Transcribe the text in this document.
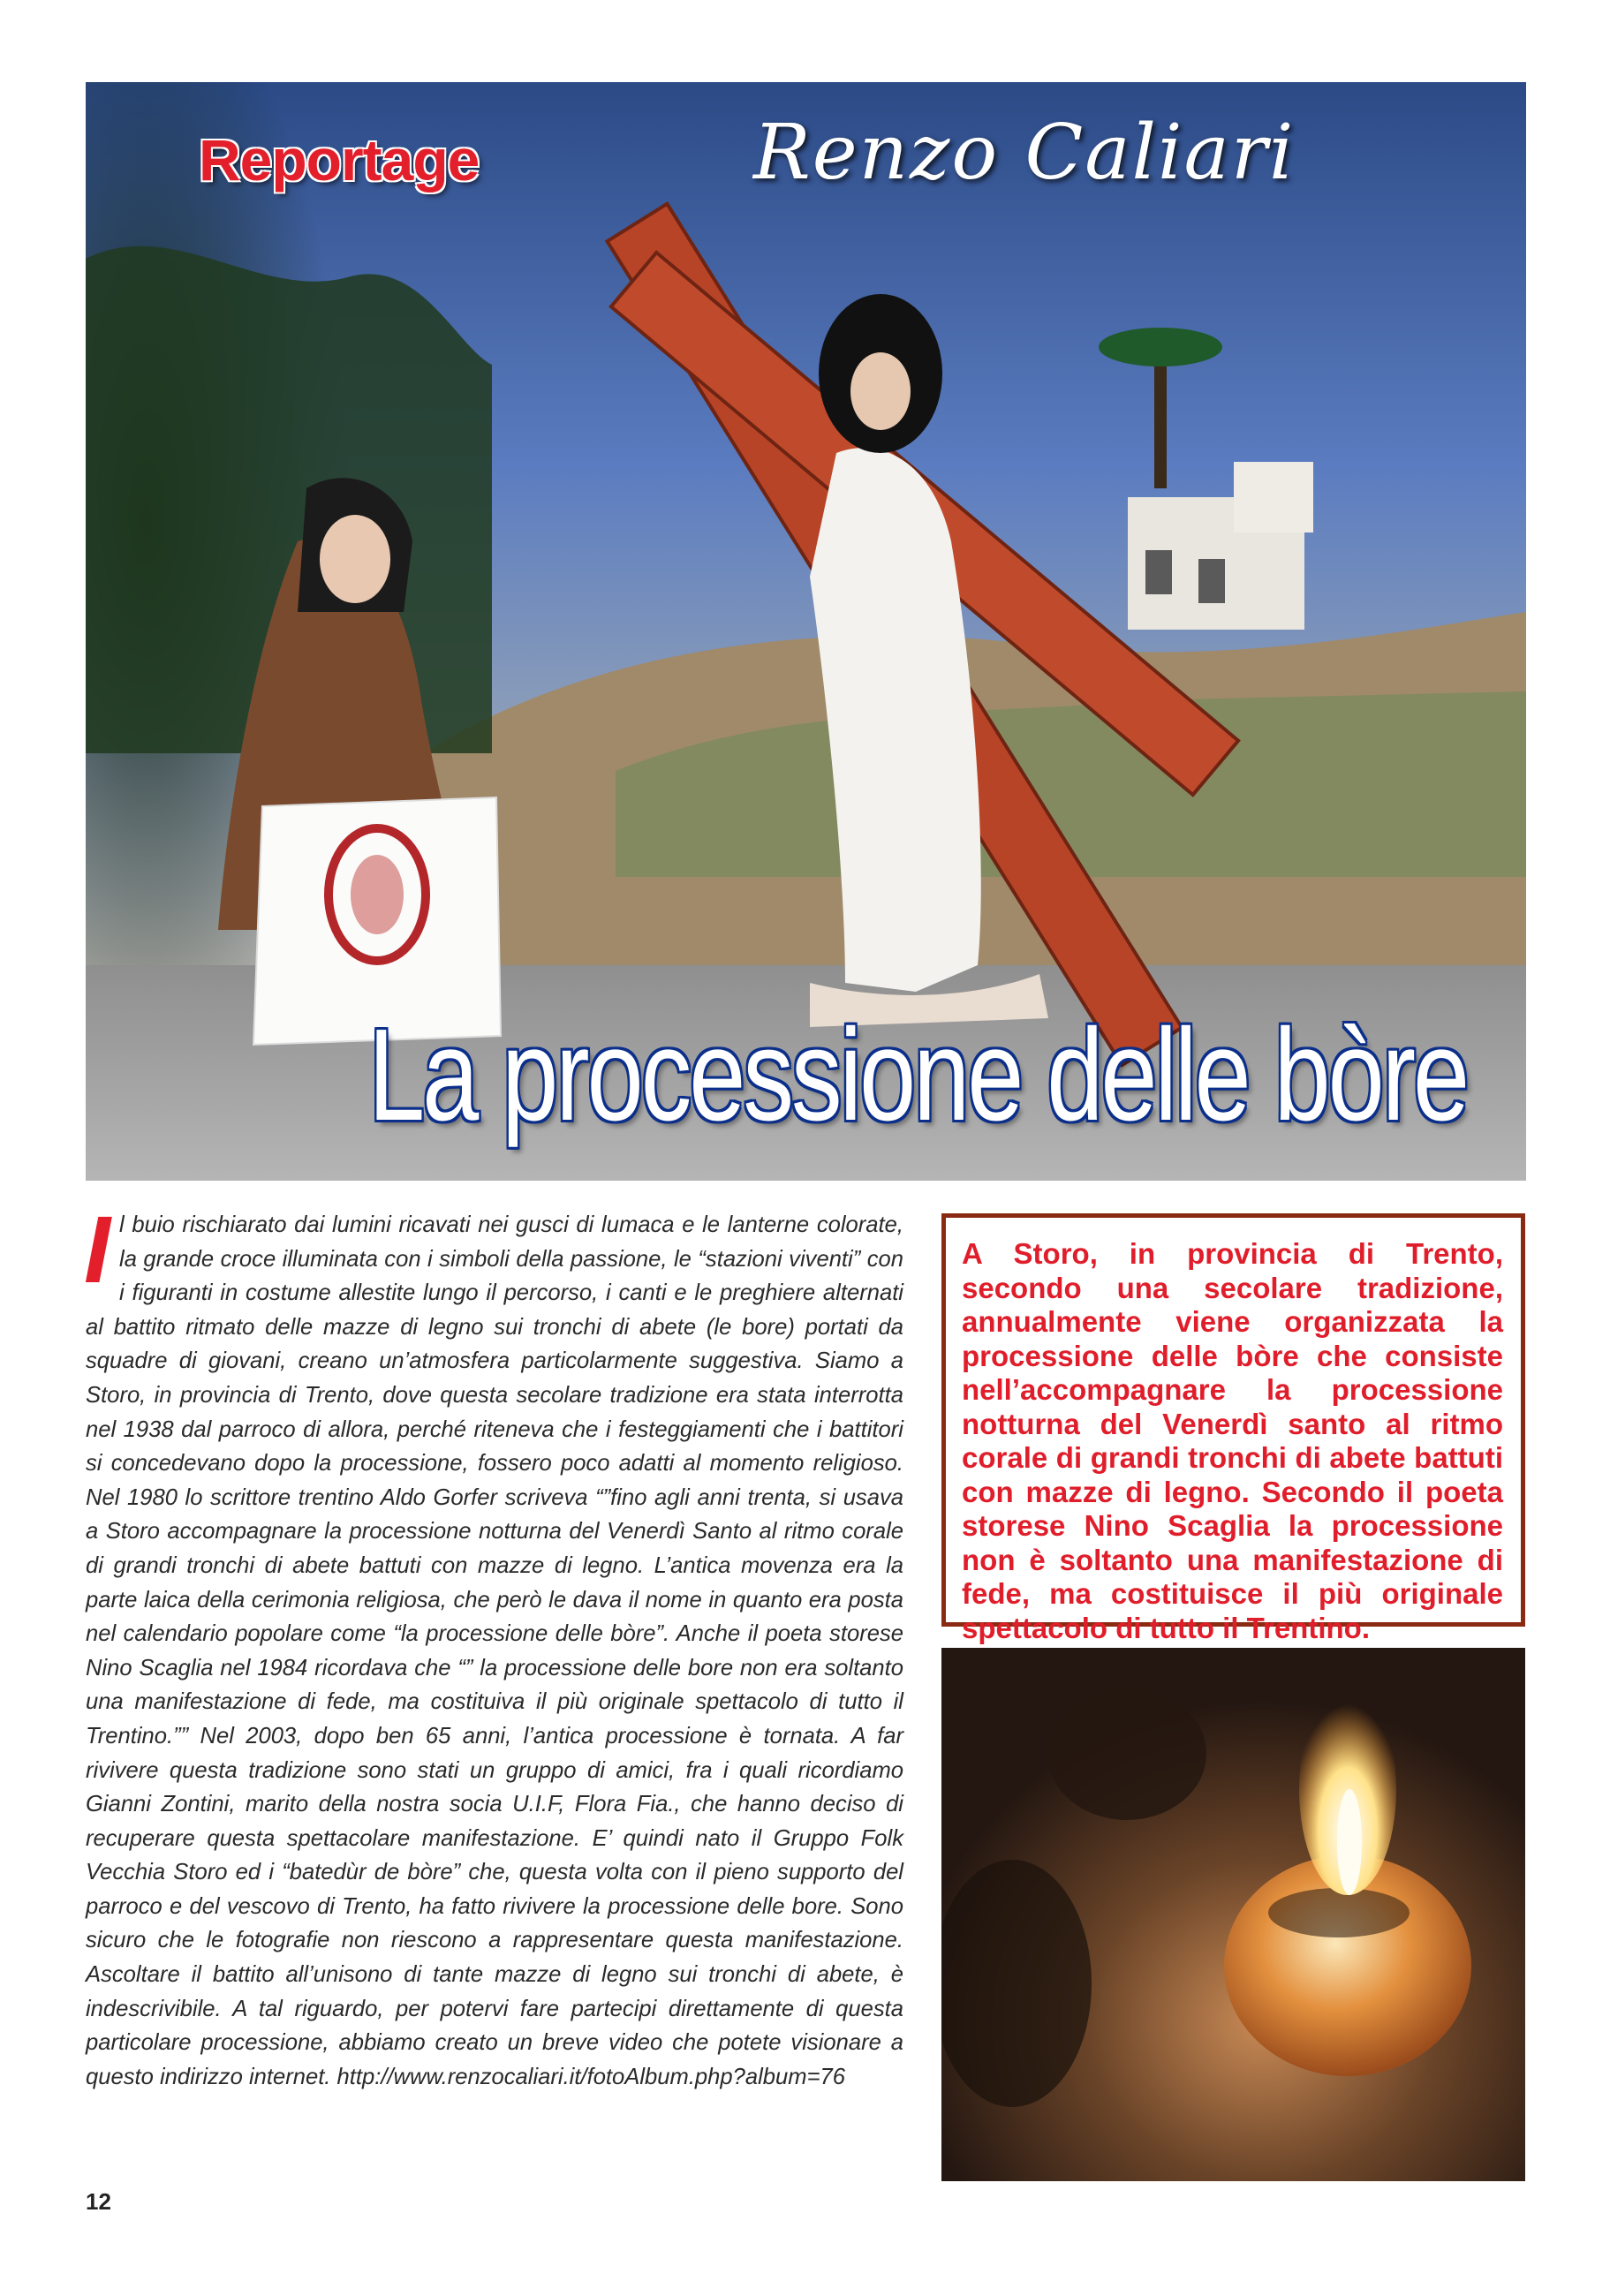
Reportage	Renzo Caliari
La processione delle bòre

Il buio rischiarato dai lumini ricavati nei gusci di lumaca e le lanterne colorate, la grande croce illuminata con i simboli della passione, le “stazioni viventi” con i figuranti in costume allestite lungo il percorso, i canti e le preghiere alternati al battito ritmato delle mazze di legno sui tronchi di abete (le bore) portati da squadre di giovani, creano un’atmosfera particolarmente suggestiva. Siamo a Storo, in provincia di Trento, dove questa secolare tradizione era stata interrotta nel 1938 dal parroco di allora, perché riteneva che i festeggiamenti che i battitori si concedevano dopo la processione, fossero poco adatti al momento religioso. Nel 1980 lo scrittore trentino Aldo Gorfer scriveva “”fino agli anni trenta, si usava a Storo accompagnare la processione notturna del Venerdì Santo al ritmo corale di grandi tronchi di abete battuti con mazze di legno. L’antica movenza era la parte laica della cerimonia religiosa, che però le dava il nome in quanto era posta nel calendario popolare come “la processione delle bòre”. Anche il poeta storese Nino Scaglia nel 1984 ricordava che “” la processione delle bore non era soltanto una manifestazione di fede, ma costituiva il più originale spettacolo di tutto il Trentino.”” Nel 2003, dopo ben 65 anni, l’antica processione è tornata. A far rivivere questa tradizione sono stati un gruppo di amici, fra i quali ricordiamo Gianni Zontini, marito della nostra socia U.I.F, Flora Fia., che hanno deciso di recuperare questa spettacolare manifestazione. E’ quindi nato il Gruppo Folk Vecchia Storo ed i “batedùr de bòre” che, questa volta con il pieno supporto del parroco e del vescovo di Trento, ha fatto rivivere la processione delle bore. Sono sicuro che le fotografie non riescono a rappresentare questa manifestazione. Ascoltare il battito all’unisono di tante mazze di legno sui tronchi di abete, è indescrivibile. A tal riguardo, per potervi fare partecipi direttamente di questa particolare processione, abbiamo creato un breve video che potete visionare a questo indirizzo internet. http://www.renzocaliari.it/fotoAlbum.php?album=76

A Storo, in provincia di Trento, secondo una secolare tradizione, annualmente viene organizzata la processione delle bòre che consiste nell’accompagnare la processione notturna del Venerdì santo al ritmo corale di grandi tronchi di abete battuti con mazze di legno. Secondo il poeta storese Nino Scaglia la processione non è soltanto una manifestazione di fede, ma costituisce il più originale spettacolo di tutto il Trentino.

12
